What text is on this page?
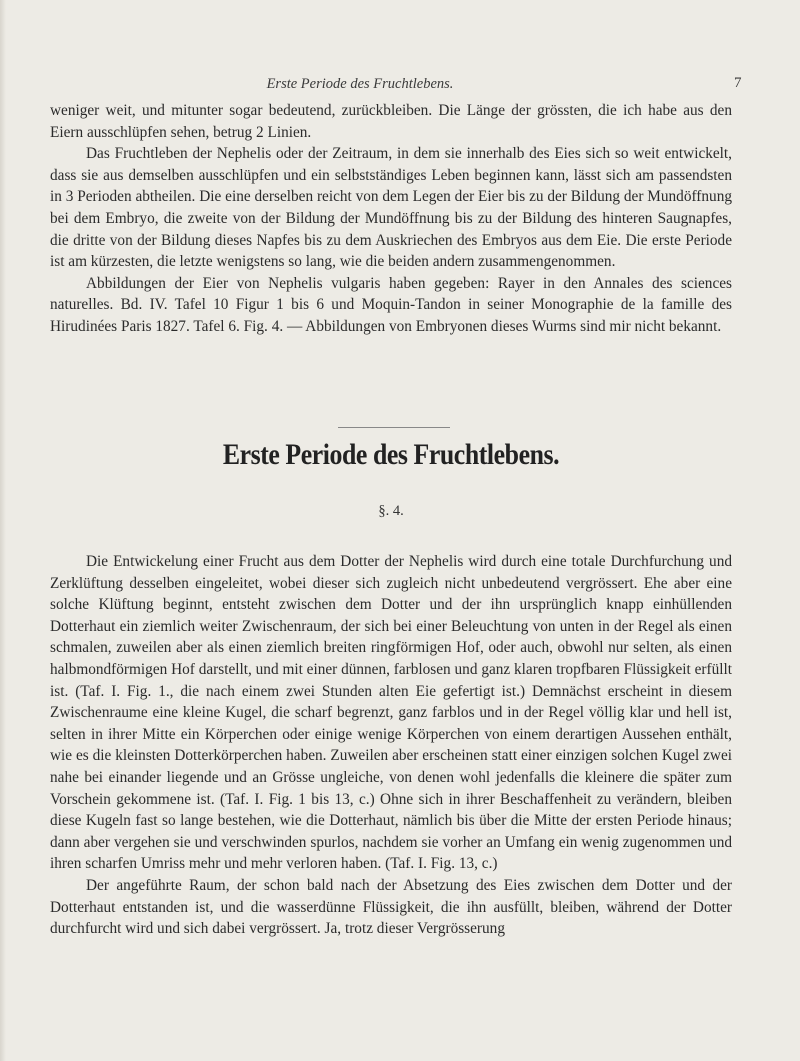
Erste Periode des Fruchtlebens.	7

weniger weit, und mitunter sogar bedeutend, zurückbleiben. Die Länge der grössten, die ich habe aus den Eiern ausschlüpfen sehen, betrug 2 Linien.

Das Fruchtleben der Nephelis oder der Zeitraum, in dem sie innerhalb des Eies sich so weit entwickelt, dass sie aus demselben ausschlüpfen und ein selbstständiges Leben beginnen kann, lässt sich am passendsten in 3 Perioden abtheilen. Die eine derselben reicht von dem Legen der Eier bis zu der Bildung der Mundöffnung bei dem Embryo, die zweite von der Bildung der Mundöffnung bis zu der Bildung des hinteren Saugnapfes, die dritte von der Bildung dieses Napfes bis zu dem Auskriechen des Embryos aus dem Eie. Die erste Periode ist am kürzesten, die letzte wenigstens so lang, wie die beiden andern zusammengenommen.

Abbildungen der Eier von Nephelis vulgaris haben gegeben: Rayer in den Annales des sciences naturelles. Bd. IV. Tafel 10 Figur 1 bis 6 und Moquin-Tandon in seiner Monographie de la famille des Hirudinées Paris 1827. Tafel 6. Fig. 4. — Abbildungen von Embryonen dieses Wurms sind mir nicht bekannt.

Erste Periode des Fruchtlebens.
§. 4.

Die Entwickelung einer Frucht aus dem Dotter der Nephelis wird durch eine totale Durchfurchung und Zerklüftung desselben eingeleitet, wobei dieser sich zugleich nicht unbedeutend vergrössert. Ehe aber eine solche Klüftung beginnt, entsteht zwischen dem Dotter und der ihn ursprünglich knapp einhüllenden Dotterhaut ein ziemlich weiter Zwischenraum, der sich bei einer Beleuchtung von unten in der Regel als einen schmalen, zuweilen aber als einen ziemlich breiten ringförmigen Hof, oder auch, obwohl nur selten, als einen halbmondförmigen Hof darstellt, und mit einer dünnen, farblosen und ganz klaren tropfbaren Flüssigkeit erfüllt ist. (Taf. I. Fig. 1., die nach einem zwei Stunden alten Eie gefertigt ist.) Demnächst erscheint in diesem Zwischenraume eine kleine Kugel, die scharf begrenzt, ganz farblos und in der Regel völlig klar und hell ist, selten in ihrer Mitte ein Körperchen oder einige wenige Körperchen von einem derartigen Aussehen enthält, wie es die kleinsten Dotterkörperchen haben. Zuweilen aber erscheinen statt einer einzigen solchen Kugel zwei nahe bei einander liegende und an Grösse ungleiche, von denen wohl jedenfalls die kleinere die später zum Vorschein gekommene ist. (Taf. I. Fig. 1 bis 13, c.) Ohne sich in ihrer Beschaffenheit zu verändern, bleiben diese Kugeln fast so lange bestehen, wie die Dotterhaut, nämlich bis über die Mitte der ersten Periode hinaus; dann aber vergehen sie und verschwinden spurlos, nachdem sie vorher an Umfang ein wenig zugenommen und ihren scharfen Umriss mehr und mehr verloren haben. (Taf. I. Fig. 13, c.)

Der angeführte Raum, der schon bald nach der Absetzung des Eies zwischen dem Dotter und der Dotterhaut entstanden ist, und die wasserdünne Flüssigkeit, die ihn ausfüllt, bleiben, während der Dotter durchfurcht wird und sich dabei vergrössert. Ja, trotz dieser Vergrösserung
